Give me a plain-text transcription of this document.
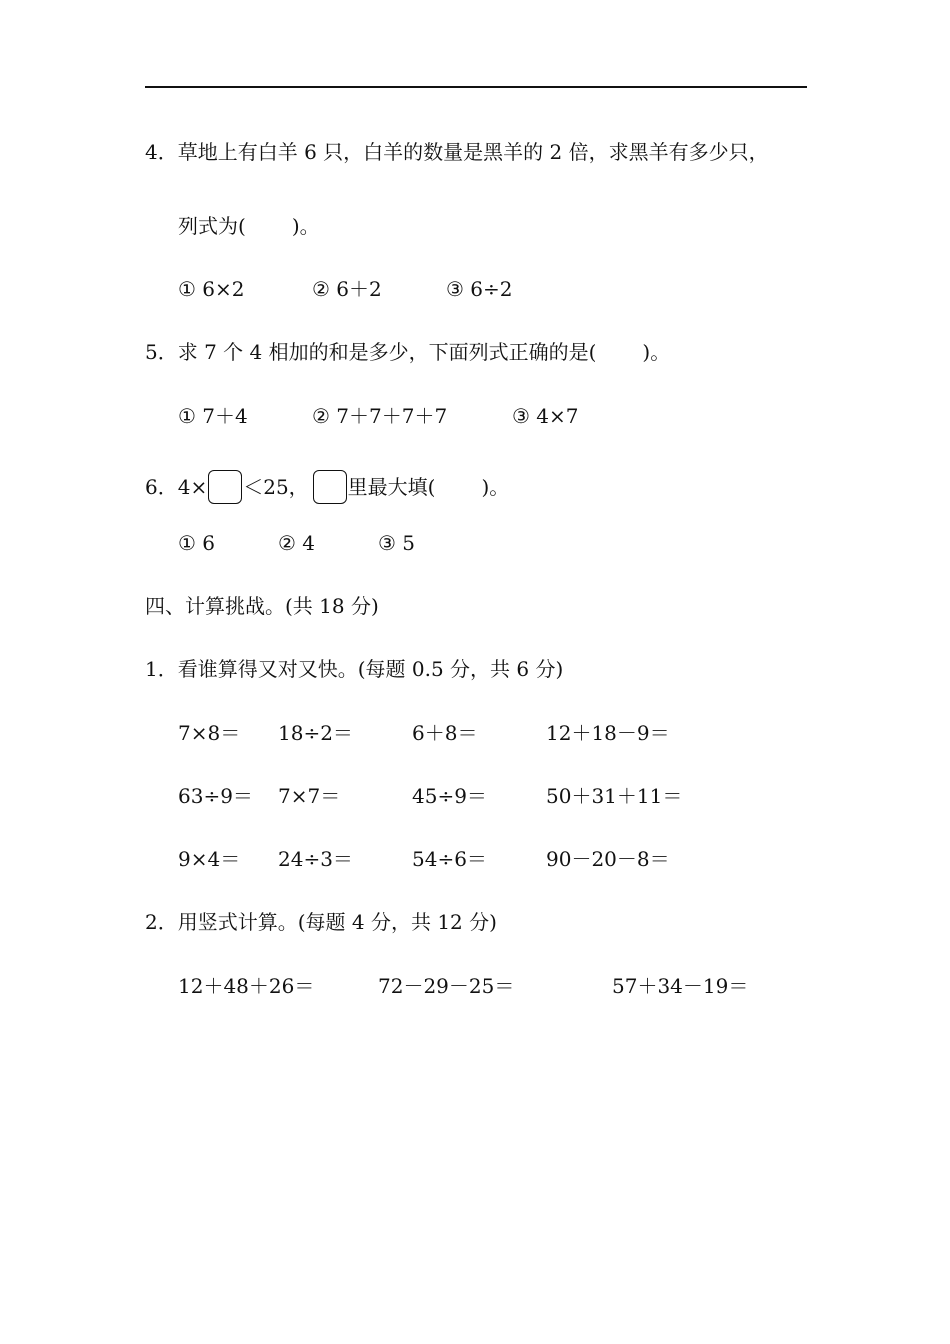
4．草地上有白羊 6 只，白羊的数量是黑羊的 2 倍，求黑羊有多少只，
列式为( )。
① 6×2	② 6＋2	③ 6÷2
5．求 7 个 4 相加的和是多少，下面列式正确的是( )。
① 7＋4	② 7＋7＋7＋7	③ 4×7
6．4× ＜25， 里最大填( )。
① 6	② 4	③ 5
四、计算挑战。(共 18 分)
1．看谁算得又对又快。(每题 0.5 分，共 6 分)
7×8＝ 18÷2＝	6＋8＝	12＋18－9＝
63÷9＝ 7×7＝	45÷9＝	50＋31＋11＝
9×4＝ 24÷3＝	54÷6＝	90－20－8＝
2．用竖式计算。(每题 4 分，共 12 分)
12＋48＋26＝	72－29－25＝	57＋34－19＝
